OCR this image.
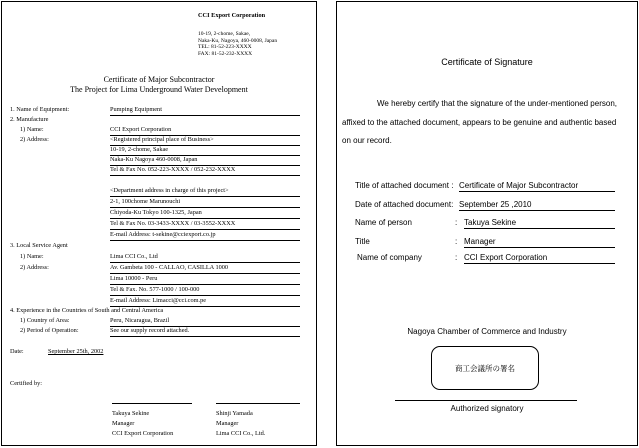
CCI Export Corporation
10-19, 2-chome, Sakae,
Naka-Ku, Nagoya, 460-0008, Japan
TEL: 81-52-223-XXXX
FAX: 81-52-232-XXXX
Certificate of Major Subcontractor
The Project for Lima Underground Water Development
1. Name of Equipment:	Pumping Equipment
2. Manufacture
1) Name:	CCI Export Corporation
2) Address:	<Registered principal place of Business>
10-19, 2-chome, Sakae
Naka-Ku Nagoya 460-0008, Japan
Tel & Fax No. 052-223-XXXX / 052-232-XXXX
<Department address in charge of this project>
2-1, 100chome Marunouchi
Chiyoda-Ku Tokyo 100-1325, Japan
Tel & Fax No. 03-3433-XXXX / 03-3552-XXXX
E-mail Address: t-sekine@cciexport.co.jp
3. Local Service Agent
1) Name:	Lima CCI Co., Ltd
2) Address:	Av. Gambeta 100 - CALLAO, CASILLA 1000
Lima 10000 - Peru
Tel & Fax. No. 577-1000 / 100-000
E-mail Address: Limacci@cci.com.pe
4. Experience in the Countries of South and Central America
1) Country of Area:	Peru, Nicaragua, Brazil
2) Period of Operation:	See our supply record attached.
Date:	September 25th, 2002
Certified by:
Takuya Sekine
Manager
CCI Export Corporation
Shinji Yamada
Manager
Lima CCI Co., Ltd.
Certificate of Signature
We hereby certify that the signature of the under-mentioned person,
affixed to the attached document, appears to be genuine and authentic based
on our record.
Title of attached document : Certificate of Major Subcontractor
Date of attached document: September 25 ,2010
Name of person	: Takuya Sekine
Title	: Manager
Name of company	: CCI Export Corporation
Nagoya Chamber of Commerce and Industry
商工会議所の署名
Authorized signatory
